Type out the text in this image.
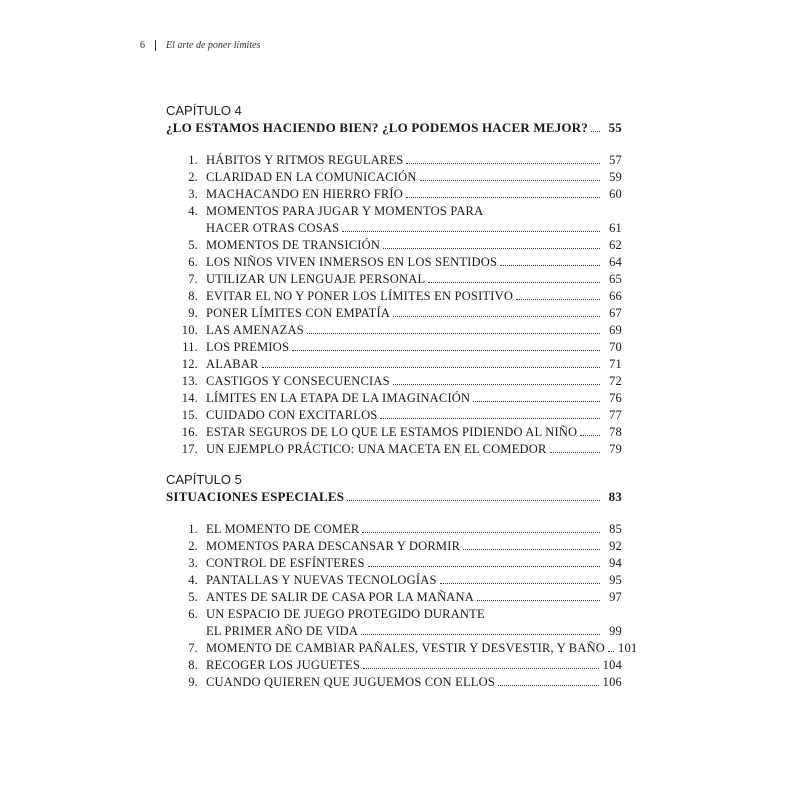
6 El arte de poner límites
CAPÍTULO 4
¿LO ESTAMOS HACIENDO BIEN? ¿LO PODEMOS HACER MEJOR?	55
1. HÁBITOS Y RITMOS REGULARES	57
2. CLARIDAD EN LA COMUNICACIÓN	59
3. MACHACANDO EN HIERRO FRÍO	60
4. MOMENTOS PARA JUGAR Y MOMENTOS PARA
HACER OTRAS COSAS	61
5. MOMENTOS DE TRANSICIÓN	62
6. LOS NIÑOS VIVEN INMERSOS EN LOS SENTIDOS	64
7. UTILIZAR UN LENGUAJE PERSONAL	65
8. EVITAR EL NO Y PONER LOS LÍMITES EN POSITIVO	66
9. PONER LÍMITES CON EMPATÍA	67
10. LAS AMENAZAS	69
11. LOS PREMIOS	70
12. ALABAR	71
13. CASTIGOS Y CONSECUENCIAS	72
14. LÍMITES EN LA ETAPA DE LA IMAGINACIÓN	76
15. CUIDADO CON EXCITARLOS	77
16. ESTAR SEGUROS DE LO QUE LE ESTAMOS PIDIENDO AL NIÑO	78
17. UN EJEMPLO PRÁCTICO: UNA MACETA EN EL COMEDOR	79
CAPÍTULO 5
SITUACIONES ESPECIALES	83
1. EL MOMENTO DE COMER	85
2. MOMENTOS PARA DESCANSAR Y DORMIR	92
3. CONTROL DE ESFÍNTERES	94
4. PANTALLAS Y NUEVAS TECNOLOGÍAS	95
5. ANTES DE SALIR DE CASA POR LA MAÑANA	97
6. UN ESPACIO DE JUEGO PROTEGIDO DURANTE
EL PRIMER AÑO DE VIDA	99
7. MOMENTO DE CAMBIAR PAÑALES, VESTIR Y DESVESTIR, Y BAÑO 101
8. RECOGER LOS JUGUETES	104
9. CUANDO QUIEREN QUE JUGUEMOS CON ELLOS	106
